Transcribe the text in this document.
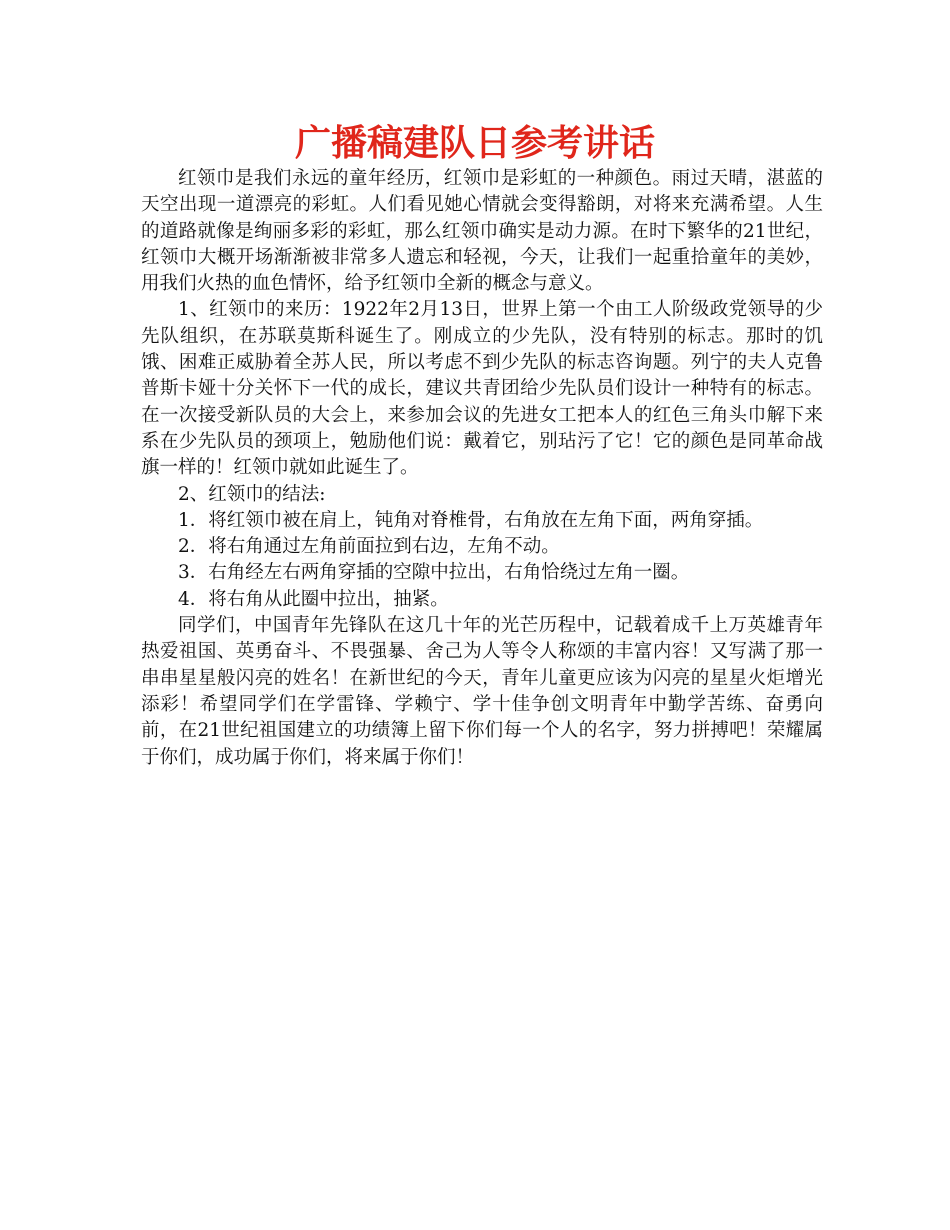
广播稿建队日参考讲话

红领巾是我们永远的童年经历，红领巾是彩虹的一种颜色。雨过天晴，湛蓝的天空出现一道漂亮的彩虹。人们看见她心情就会变得豁朗，对将来充满希望。人生的道路就像是绚丽多彩的彩虹，那么红领巾确实是动力源。在时下繁华的21世纪，红领巾大概开场渐渐被非常多人遗忘和轻视，今天，让我们一起重拾童年的美妙，用我们火热的血色情怀，给予红领巾全新的概念与意义。

1、红领巾的来历：1922年2月13日，世界上第一个由工人阶级政党领导的少先队组织，在苏联莫斯科诞生了。刚成立的少先队，没有特别的标志。那时的饥饿、困难正威胁着全苏人民，所以考虑不到少先队的标志咨询题。列宁的夫人克鲁普斯卡娅十分关怀下一代的成长，建议共青团给少先队员们设计一种特有的标志。在一次接受新队员的大会上，来参加会议的先进女工把本人的红色三角头巾解下来系在少先队员的颈项上，勉励他们说：戴着它，别玷污了它！它的颜色是同革命战旗一样的！红领巾就如此诞生了。

2、红领巾的结法:

1．将红领巾被在肩上，钝角对脊椎骨，右角放在左角下面，两角穿插。

2．将右角通过左角前面拉到右边，左角不动。

3．右角经左右两角穿插的空隙中拉出，右角恰绕过左角一圈。

4．将右角从此圈中拉出，抽紧。

同学们，中国青年先锋队在这几十年的光芒历程中，记载着成千上万英雄青年热爱祖国、英勇奋斗、不畏强暴、舍己为人等令人称颂的丰富内容！又写满了那一串串星星般闪亮的姓名！在新世纪的今天，青年儿童更应该为闪亮的星星火炬增光添彩！希望同学们在学雷锋、学赖宁、学十佳争创文明青年中勤学苦练、奋勇向前，在21世纪祖国建立的功绩簿上留下你们每一个人的名字，努力拼搏吧！荣耀属于你们，成功属于你们，将来属于你们！
